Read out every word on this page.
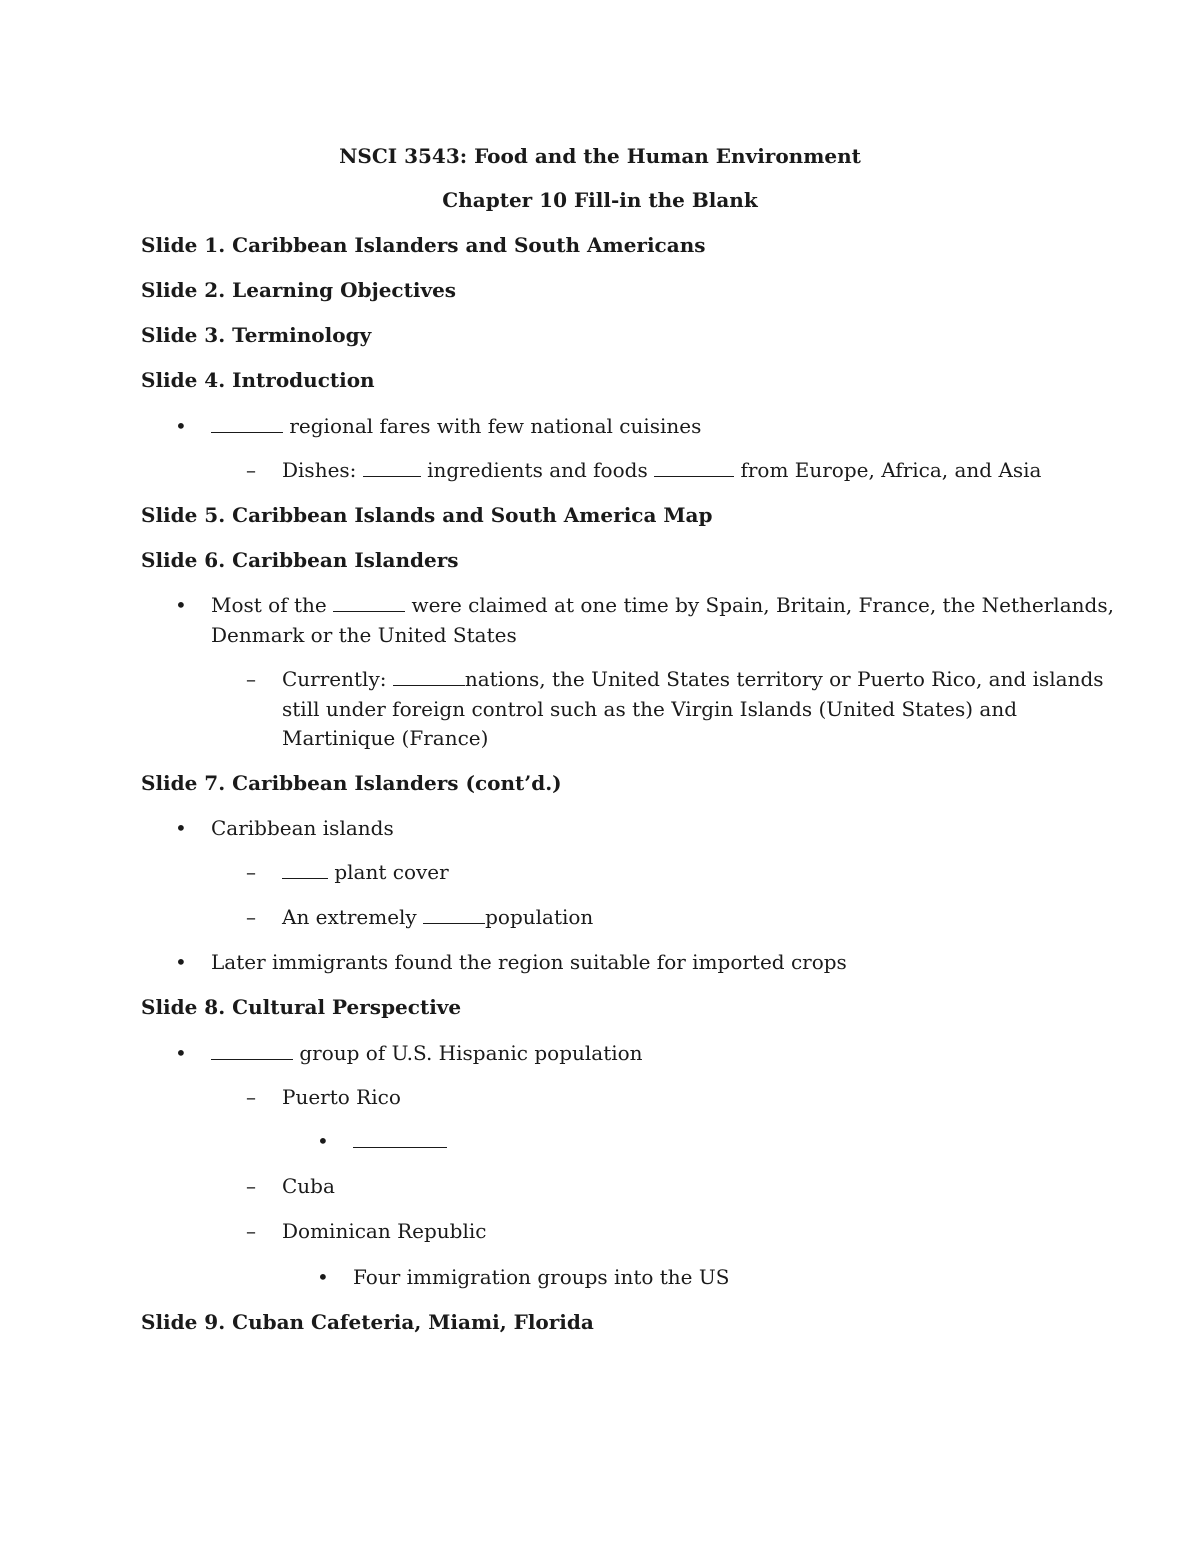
NSCI 3543: Food and the Human Environment
Chapter 10 Fill-in the Blank
Slide 1. Caribbean Islanders and South Americans
Slide 2. Learning Objectives
Slide 3. Terminology
Slide 4. Introduction
•	regional fares with few national cuisines
– Dishes:	ingredients and foods	from Europe, Africa, and Asia
Slide 5. Caribbean Islands and South America Map
Slide 6. Caribbean Islanders
• Most of the	were claimed at one time by Spain, Britain, France, the Netherlands,
Denmark or the United States
– Currently:	nations, the United States territory or Puerto Rico, and islands
still under foreign control such as the Virgin Islands (United States) and
Martinique (France)
Slide 7. Caribbean Islanders (cont’d.)
• Caribbean islands
–	plant cover
– An extremely	population
• Later immigrants found the region suitable for imported crops
Slide 8. Cultural Perspective
•	group of U.S. Hispanic population
– Puerto Rico
•
– Cuba
– Dominican Republic
• Four immigration groups into the US
Slide 9. Cuban Cafeteria, Miami, Florida
